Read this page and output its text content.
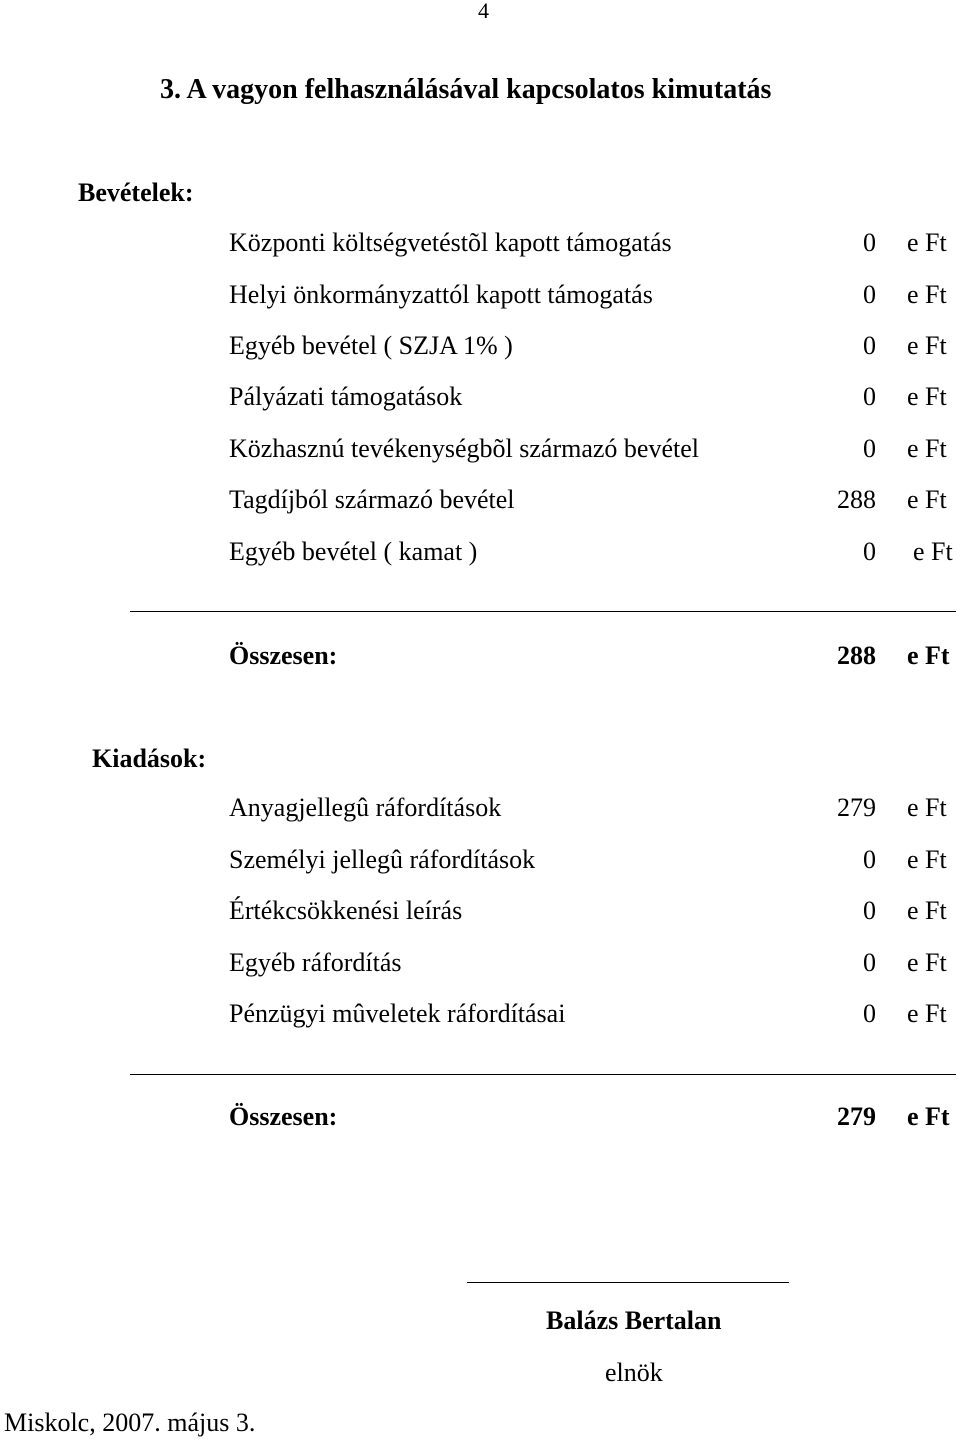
4
3. A vagyon felhasználásával kapcsolatos kimutatás
Bevételek:
Központi költségvetéstõl kapott támogatás	0 e Ft
Helyi önkormányzattól kapott támogatás	0 e Ft
Egyéb bevétel ( SZJA 1% )	0 e Ft
Pályázati támogatások	0 e Ft
Közhasznú tevékenységbõl származó bevétel	0 e Ft
Tagdíjból származó bevétel	288 e Ft
Egyéb bevétel ( kamat )	0 e Ft
Összesen:	288 e Ft
Kiadások:
Anyagjellegû ráfordítások	279 e Ft
Személyi jellegû ráfordítások	0 e Ft
Értékcsökkenési leírás	0 e Ft
Egyéb ráfordítás	0 e Ft
Pénzügyi mûveletek ráfordításai	0 e Ft
Összesen:	279 e Ft
Balázs Bertalan
elnök
Miskolc, 2007. május 3.
